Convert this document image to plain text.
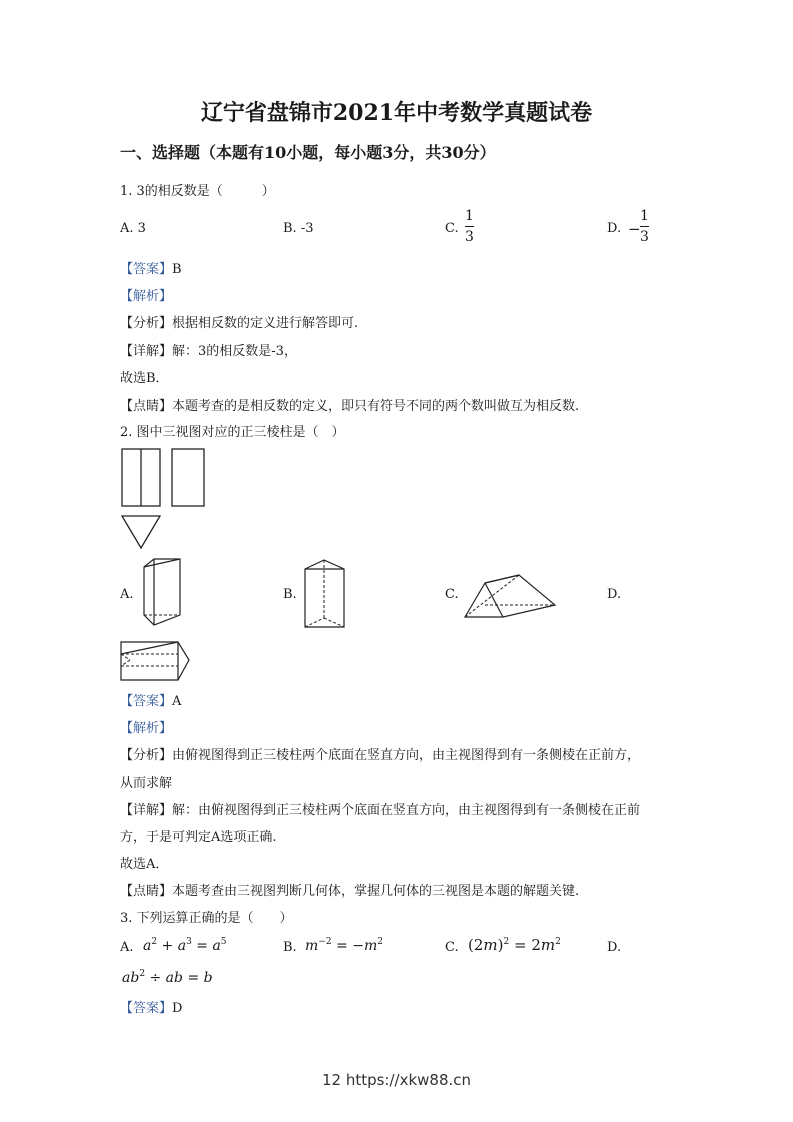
辽宁省盘锦市2021年中考数学真题试卷
一、选择题（本题有10小题，每小题3分，共30分）
1. 3的相反数是（　　　）
A. 3	B. -3	C.
1
3
D. −
1
3
【答案】B
【解析】
【分析】根据相反数的定义进行解答即可.
【详解】解：3的相反数是-3，
故选B．
【点睛】本题考查的是相反数的定义，即只有符号不同的两个数叫做互为相反数.
2. 图中三视图对应的正三棱柱是（　）
A.	B.	C.	D.
【答案】A
【解析】
【分析】由俯视图得到正三棱柱两个底面在竖直方向，由主视图得到有一条侧棱在正前方，
从而求解
【详解】解：由俯视图得到正三棱柱两个底面在竖直方向，由主视图得到有一条侧棱在正前
方，于是可判定A选项正确.
故选A．
【点睛】本题考查由三视图判断几何体，掌握几何体的三视图是本题的解题关键.
3. 下列运算正确的是（　　）
A. $a^2 + a^3 = a^5$	B. $m^{-2} = -m^2$	C. $(2m)^2 = 2m^2$	D.
$ab^2$ ÷ ab = b
【答案】D
12 https://xkw88.cn
